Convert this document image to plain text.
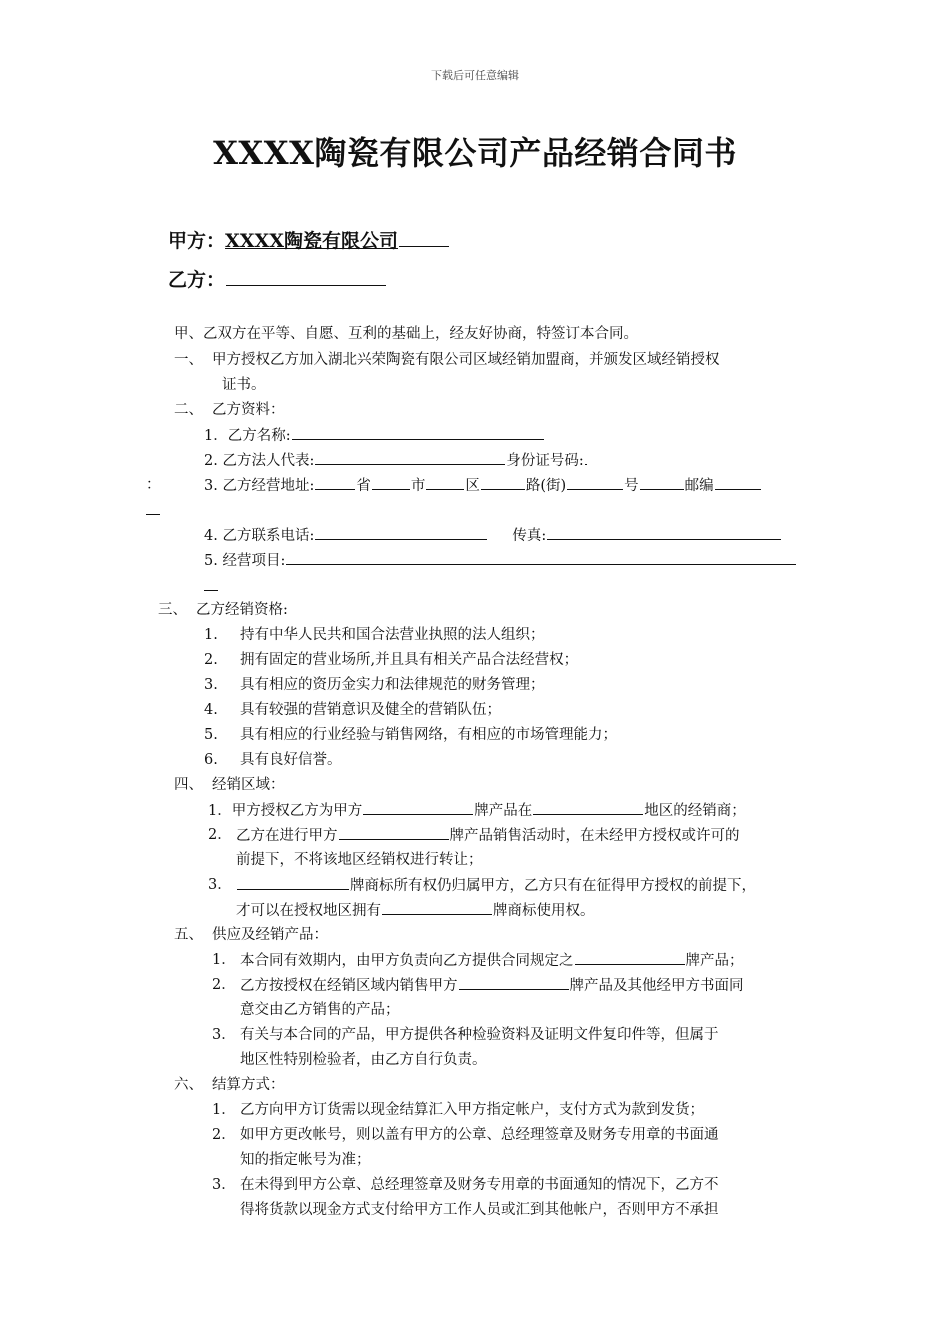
下载后可任意编辑
XXXX陶瓷有限公司产品经销合同书
甲方：XXXX陶瓷有限公司
乙方：
甲、乙双方在平等、自愿、互利的基础上，经友好协商，特签订本合同。
一、 甲方授权乙方加入湖北兴荣陶瓷有限公司区域经销加盟商，并颁发区域经销授权
证书。
二、 乙方资料：
1．乙方名称:
2. 乙方法人代表:	身份证号码:
：	3. 乙方经营地址:	省	市	区	路(街)	号	邮编
4. 乙方联系电话:	传真:
5. 经营项目:
三、 乙方经销资格:
1. 持有中华人民共和国合法营业执照的法人组织；
2. 拥有固定的营业场所,并且具有相关产品合法经营权；
3. 具有相应的资历金实力和法律规范的财务管理；
4. 具有较强的营销意识及健全的营销队伍；
5. 具有相应的行业经验与销售网络，有相应的市场管理能力；
6. 具有良好信誉。
四、 经销区域：
1．甲方授权乙方为甲方	牌产品在	地区的经销商；
2． 乙方在进行甲方	牌产品销售活动时，在未经甲方授权或许可的
前提下，不将该地区经销权进行转让；
3．	牌商标所有权仍归属甲方，乙方只有在征得甲方授权的前提下，
才可以在授权地区拥有	牌商标使用权。
五、 供应及经销产品：
1． 本合同有效期内，由甲方负责向乙方提供合同规定之	牌产品；
2． 乙方按授权在经销区域内销售甲方	牌产品及其他经甲方书面同
意交由乙方销售的产品；
3． 有关与本合同的产品，甲方提供各种检验资料及证明文件复印件等，但属于
地区性特别检验者，由乙方自行负责。
六、 结算方式：
1． 乙方向甲方订货需以现金结算汇入甲方指定帐户，支付方式为款到发货；
2． 如甲方更改帐号，则以盖有甲方的公章、总经理签章及财务专用章的书面通
知的指定帐号为准；
3． 在未得到甲方公章、总经理签章及财务专用章的书面通知的情况下，乙方不
得将货款以现金方式支付给甲方工作人员或汇到其他帐户，否则甲方不承担
